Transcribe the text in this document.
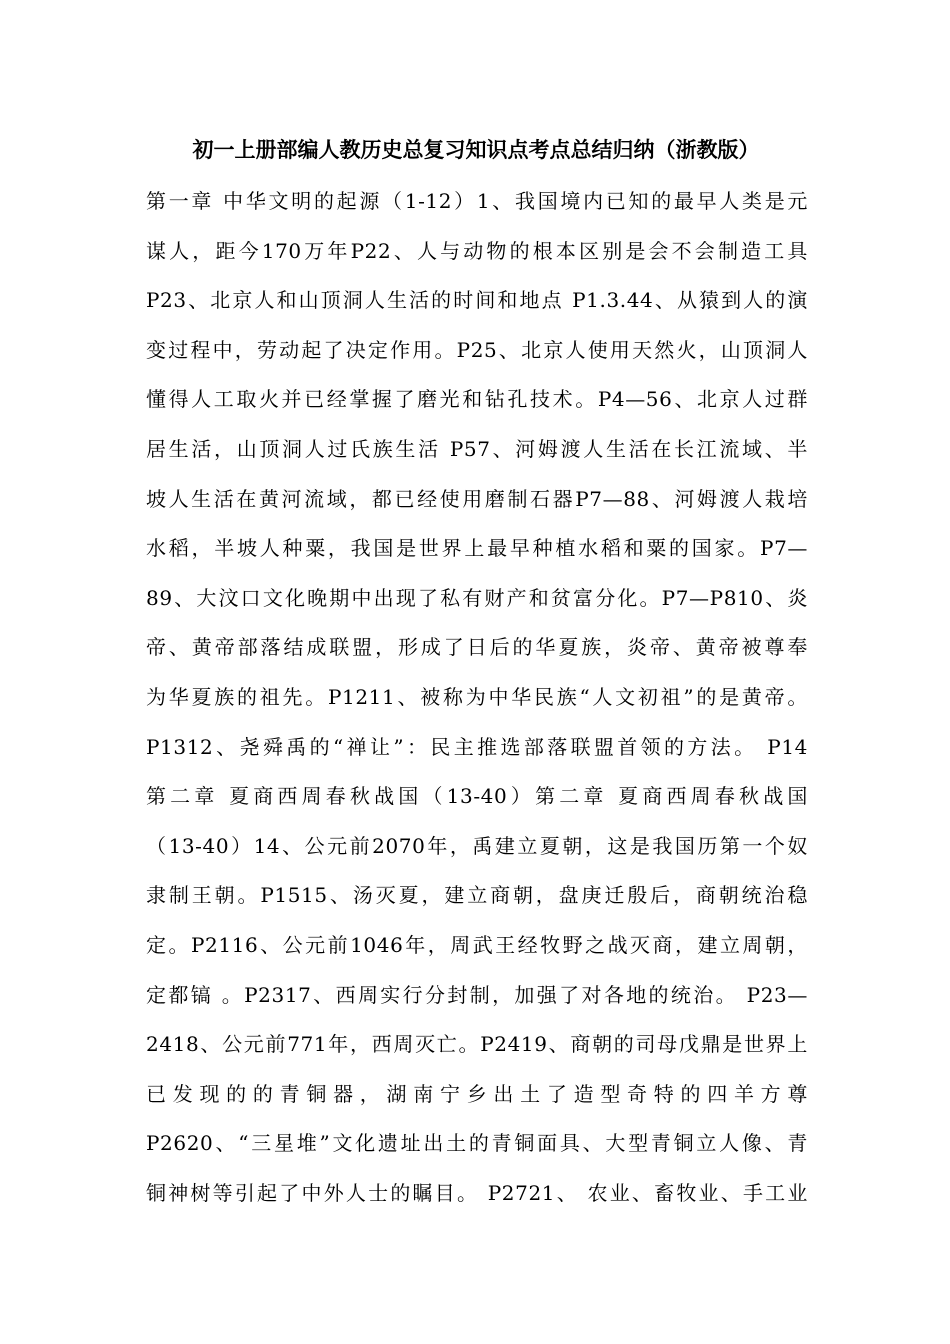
初一上册部编人教历史总复习知识点考点总结归纳（浙教版）
第一章 中华文明的起源（1-12）1、我国境内已知的最早人类是元
谋人，距今170万年P22、人与动物的根本区别是会不会制造工具
P23、北京人和山顶洞人生活的时间和地点 P1.3.44、从猿到人的演
变过程中，劳动起了决定作用。P25、北京人使用天然火，山顶洞人
懂得人工取火并已经掌握了磨光和钻孔技术。P4—56、北京人过群
居生活，山顶洞人过氏族生活 P57、河姆渡人生活在长江流域、半
坡人生活在黄河流域，都已经使用磨制石器P7—88、河姆渡人栽培
水稻，半坡人种粟，我国是世界上最早种植水稻和粟的国家。P7—
89、大汶口文化晚期中出现了私有财产和贫富分化。P7—P810、炎
帝、黄帝部落结成联盟，形成了日后的华夏族，炎帝、黄帝被尊奉
为华夏族的祖先。P1211、被称为中华民族“人文初祖”的是黄帝。
P1312、尧舜禹的“禅让”：民主推选部落联盟首领的方法。 P14
第二章 夏商西周春秋战国（13-40）第二章 夏商西周春秋战国
（13-40）14、公元前2070年，禹建立夏朝，这是我国历第一个奴
隶制王朝。P1515、汤灭夏，建立商朝，盘庚迁殷后，商朝统治稳
定。P2116、公元前1046年，周武王经牧野之战灭商，建立周朝，
定都镐 。P2317、西周实行分封制，加强了对各地的统治。 P23—
2418、公元前771年，西周灭亡。P2419、商朝的司母戊鼎是世界上
已发现的的青铜器，湖南宁乡出土了造型奇特的四羊方尊
P2620、“三星堆”文化遗址出土的青铜面具、大型青铜立人像、青
铜神树等引起了中外人士的瞩目。 P2721、 农业、畜牧业、手工业
